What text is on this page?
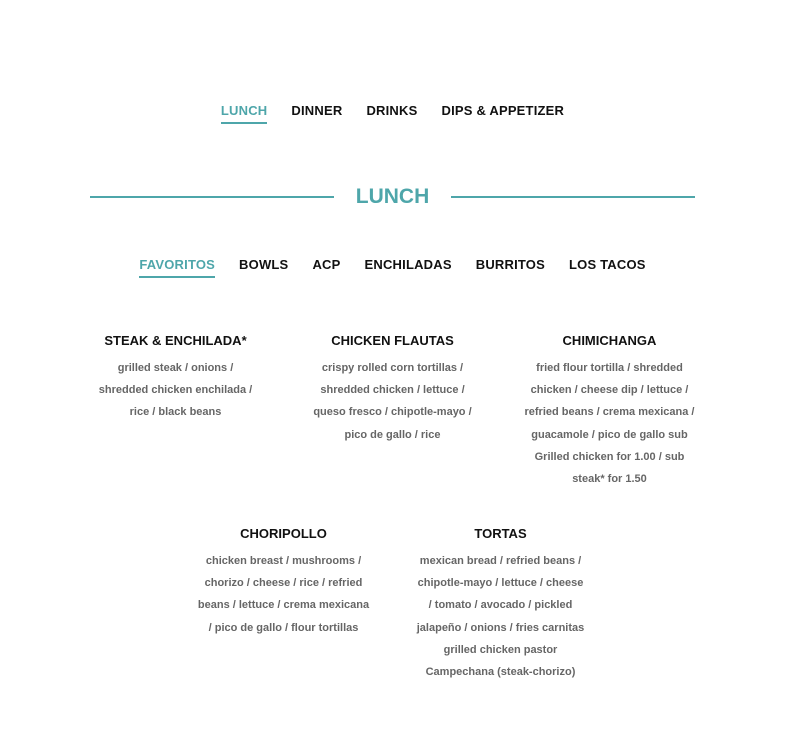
LUNCH DINNER DRINKS DIPS & APPETIZER
LUNCH
FAVORITOS BOWLS ACP ENCHILADAS BURRITOS LOS TACOS
STEAK & ENCHILADA*
grilled steak / onions /
shredded chicken enchilada /
rice / black beans
CHICKEN FLAUTAS
crispy rolled corn tortillas /
shredded chicken / lettuce /
queso fresco / chipotle-mayo /
pico de gallo / rice
CHIMICHANGA
fried flour tortilla / shredded
chicken / cheese dip / lettuce /
refried beans / crema mexicana /
guacamole / pico de gallo sub
Grilled chicken for 1.00 / sub
steak* for 1.50
CHORIPOLLO
chicken breast / mushrooms /
chorizo / cheese / rice / refried
beans / lettuce / crema mexicana
/ pico de gallo / flour tortillas
TORTAS
mexican bread / refried beans /
chipotle-mayo / lettuce / cheese
/ tomato / avocado / pickled
jalapeño / onions / fries carnitas
grilled chicken pastor
Campechana (steak-chorizo)
